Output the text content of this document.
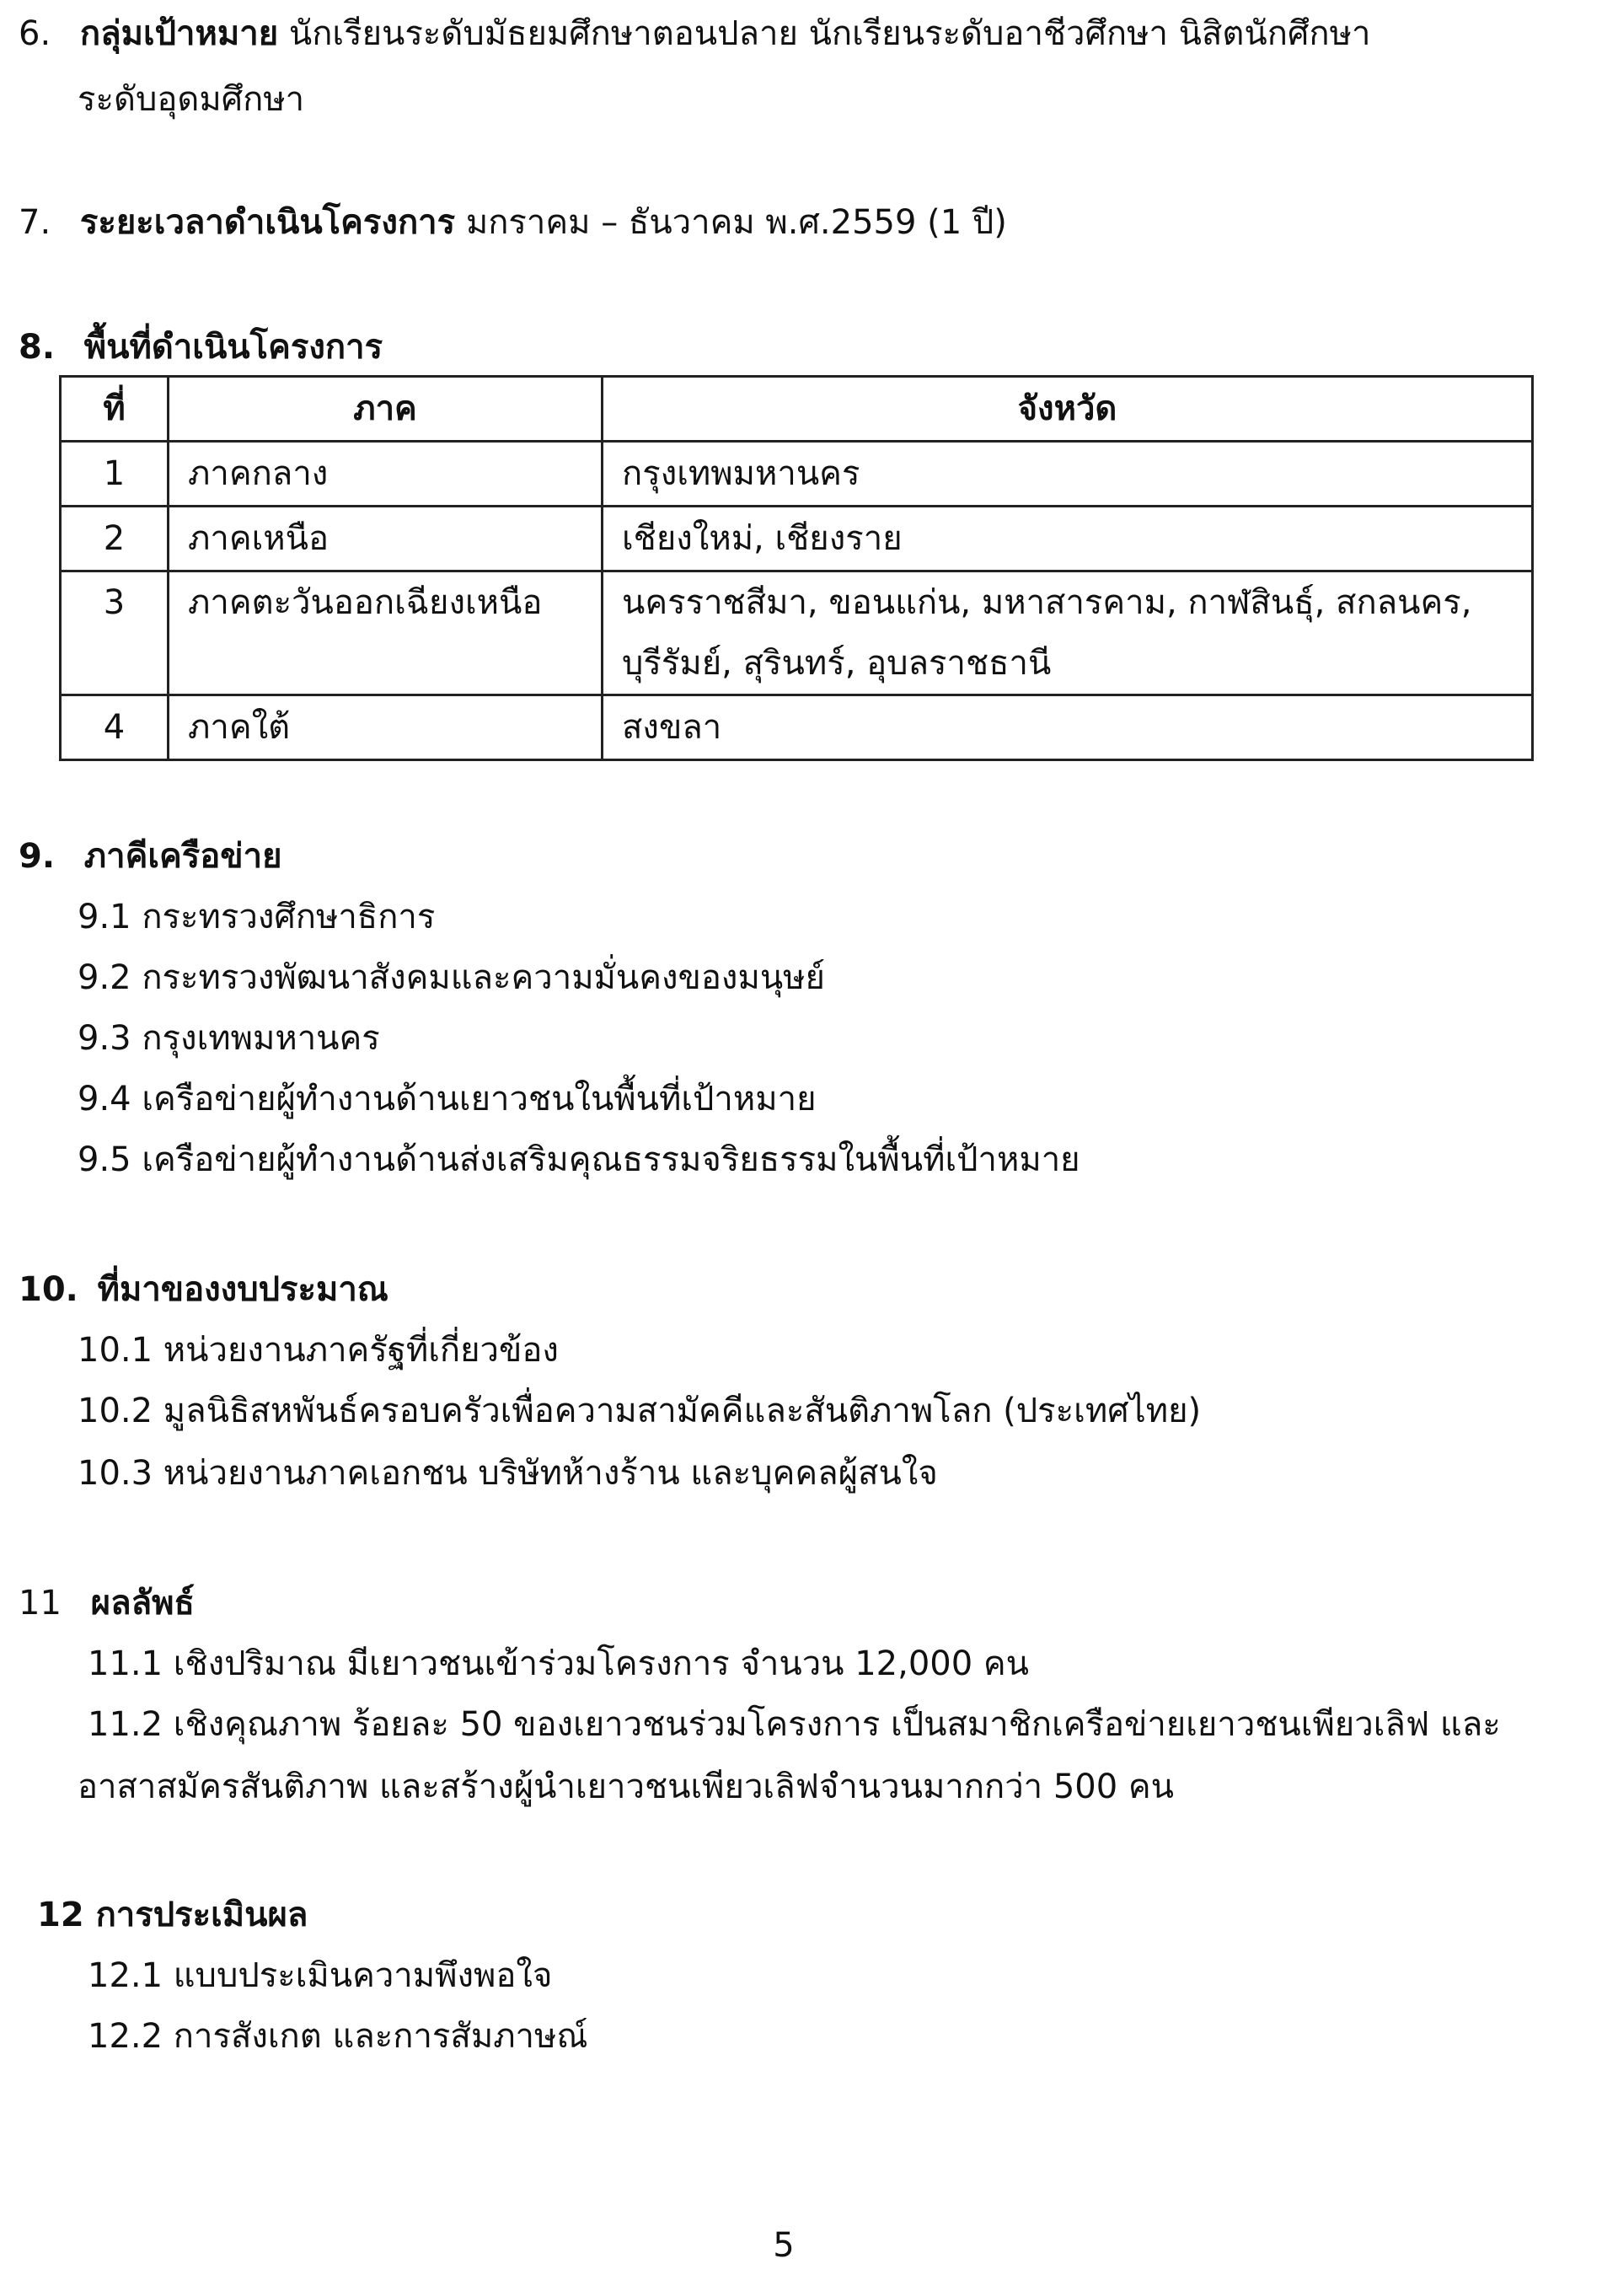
6. กลุ่มเป้าหมาย นักเรียนระดับมัธยมศึกษาตอนปลาย นักเรียนระดับอาชีวศึกษา นิสิตนักศึกษา
ระดับอุดมศึกษา
7. ระยะเวลาดำเนินโครงการ มกราคม – ธันวาคม พ.ศ.2559 (1 ปี)
8. พื้นที่ดำเนินโครงการ
ที่	ภาค	จังหวัด
1	ภาคกลาง	กรุงเทพมหานคร
2	ภาคเหนือ	เชียงใหม่, เชียงราย
3	ภาคตะวันออกเฉียงเหนือ	นครราชสีมา, ขอนแก่น, มหาสารคาม, กาฬสินธุ์, สกลนคร,
บุรีรัมย์, สุรินทร์, อุบลราชธานี

4	ภาคใต้	สงขลา
9. ภาคีเครือข่าย
9.1 กระทรวงศึกษาธิการ
9.2 กระทรวงพัฒนาสังคมและความมั่นคงของมนุษย์
9.3 กรุงเทพมหานคร
9.4 เครือข่ายผู้ทำงานด้านเยาวชนในพื้นที่เป้าหมาย
9.5 เครือข่ายผู้ทำงานด้านส่งเสริมคุณธรรมจริยธรรมในพื้นที่เป้าหมาย
10. ที่มาของงบประมาณ
10.1 หน่วยงานภาครัฐที่เกี่ยวข้อง
10.2 มูลนิธิสหพันธ์ครอบครัวเพื่อความสามัคคีและสันติภาพโลก (ประเทศไทย)
10.3 หน่วยงานภาคเอกชน บริษัทห้างร้าน และบุคคลผู้สนใจ
11 ผลลัพธ์
11.1 เชิงปริมาณ มีเยาวชนเข้าร่วมโครงการ จำนวน 12,000 คน
11.2 เชิงคุณภาพ ร้อยละ 50 ของเยาวชนร่วมโครงการ เป็นสมาชิกเครือข่ายเยาวชนเพียวเลิฟ และ
อาสาสมัครสันติภาพ และสร้างผู้นำเยาวชนเพียวเลิฟจำนวนมากกว่า 500 คน
12 การประเมินผล
12.1 แบบประเมินความพึงพอใจ
12.2 การสังเกต และการสัมภาษณ์
5
